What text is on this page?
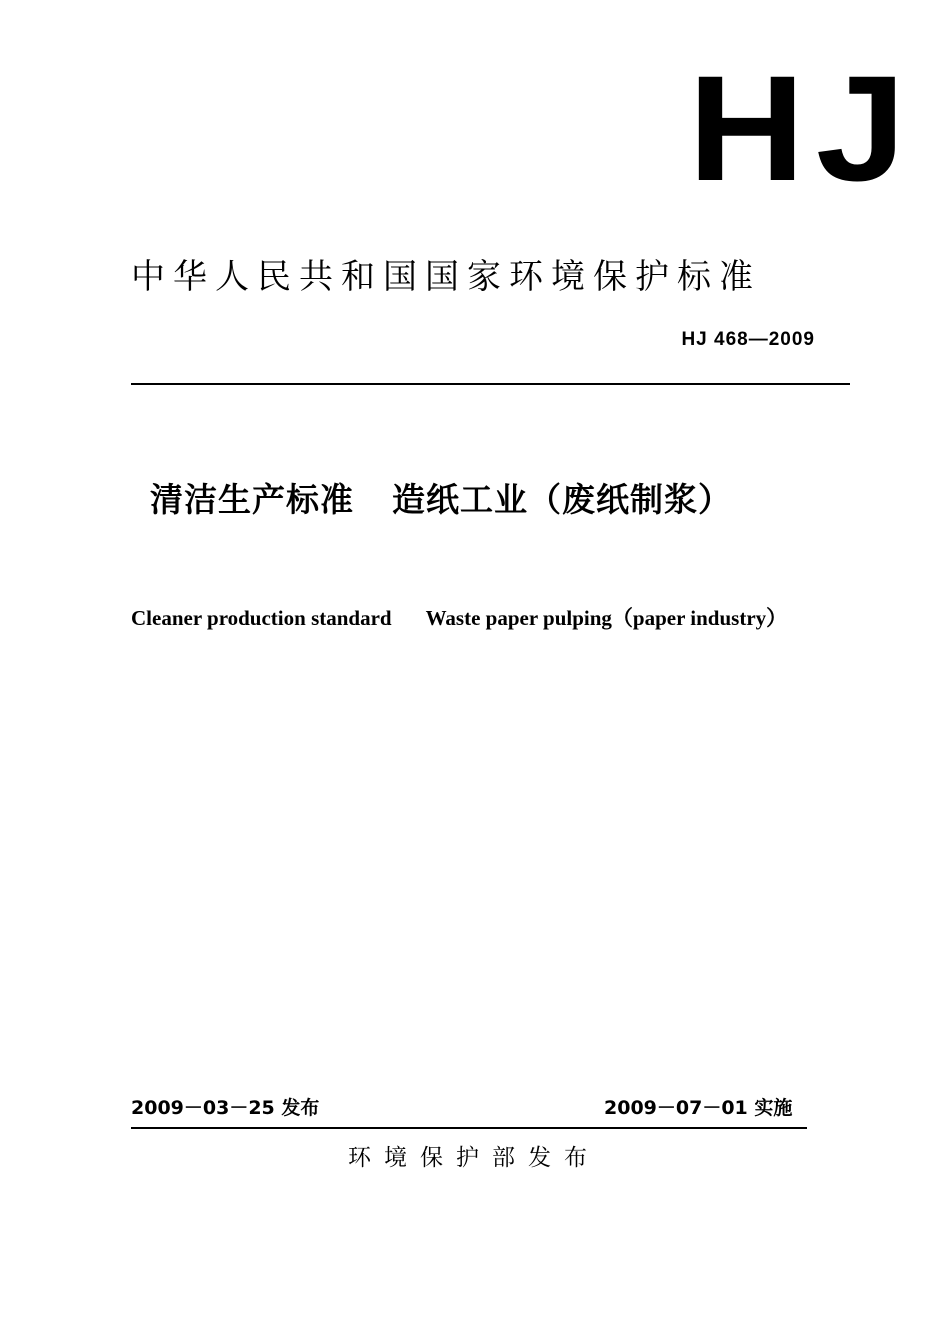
HJ
中华人民共和国国家环境保护标准
HJ 468—2009
清洁生产标准 造纸工业（废纸制浆）
Cleaner production standard Waste paper pulping（paper industry）
2009－03－25 发布	2009－07－01 实施
环境保护部发布
